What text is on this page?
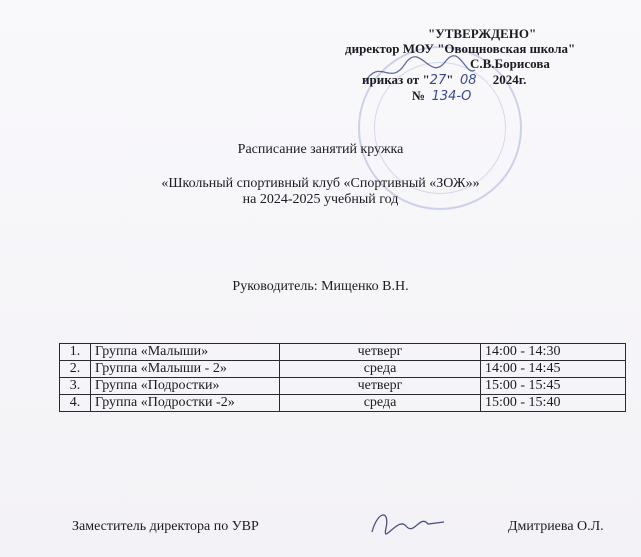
"УТВЕРЖДЕНО"
директор МОУ "Овощновская школа"
С.В.Борисова
приказ от "27"  08 2024г.
№ 134-О
Расписание занятий кружка
«Школьный спортивный клуб «Спортивный «ЗОЖ»»
на 2024-2025 учебный год
Руководитель: Мищенко В.Н.
1.	Группа «Малыши»	четверг	14:00 - 14:30
2.	Группа «Малыши - 2»	среда	14:00 - 14:45
3.	Группа «Подростки»	четверг	15:00 - 15:45
4.	Группа «Подростки -2»	среда	15:00 - 15:40
Заместитель директора по УВР	Дмитриева О.Л.
